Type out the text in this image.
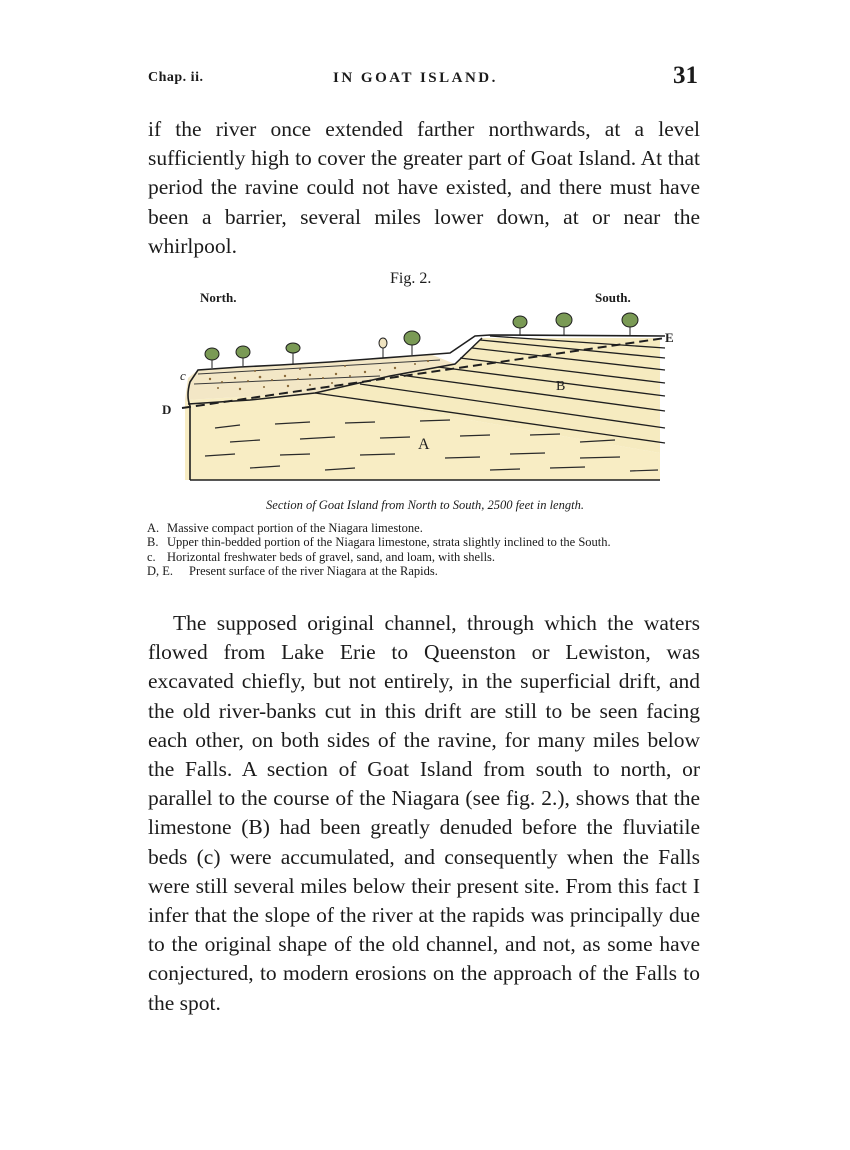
Chap. ii.	IN GOAT ISLAND.	31

if the river once extended farther northwards, at a level sufficiently high to cover the greater part of Goat Island. At that period the ravine could not have existed, and there must have been a barrier, several miles lower down, at or near the whirlpool.

Fig. 2.
North.	South.
A
B
c
D
E
Section of Goat Island from North to South, 2500 feet in length.
A. Massive compact portion of the Niagara limestone.
B. Upper thin-bedded portion of the Niagara limestone, strata slightly inclined to the South.
c. Horizontal freshwater beds of gravel, sand, and loam, with shells.
D, E.	Present surface of the river Niagara at the Rapids.

The supposed original channel, through which the waters flowed from Lake Erie to Queenston or Lewiston, was excavated chiefly, but not entirely, in the superficial drift, and the old river-banks cut in this drift are still to be seen facing each other, on both sides of the ravine, for many miles below the Falls. A section of Goat Island from south to north, or parallel to the course of the Niagara (see fig. 2.), shows that the limestone (B) had been greatly denuded before the fluviatile beds (c) were accumulated, and consequently when the Falls were still several miles below their present site. From this fact I infer that the slope of the river at the rapids was principally due to the original shape of the old channel, and not, as some have conjectured, to modern erosions on the approach of the Falls to the spot.
